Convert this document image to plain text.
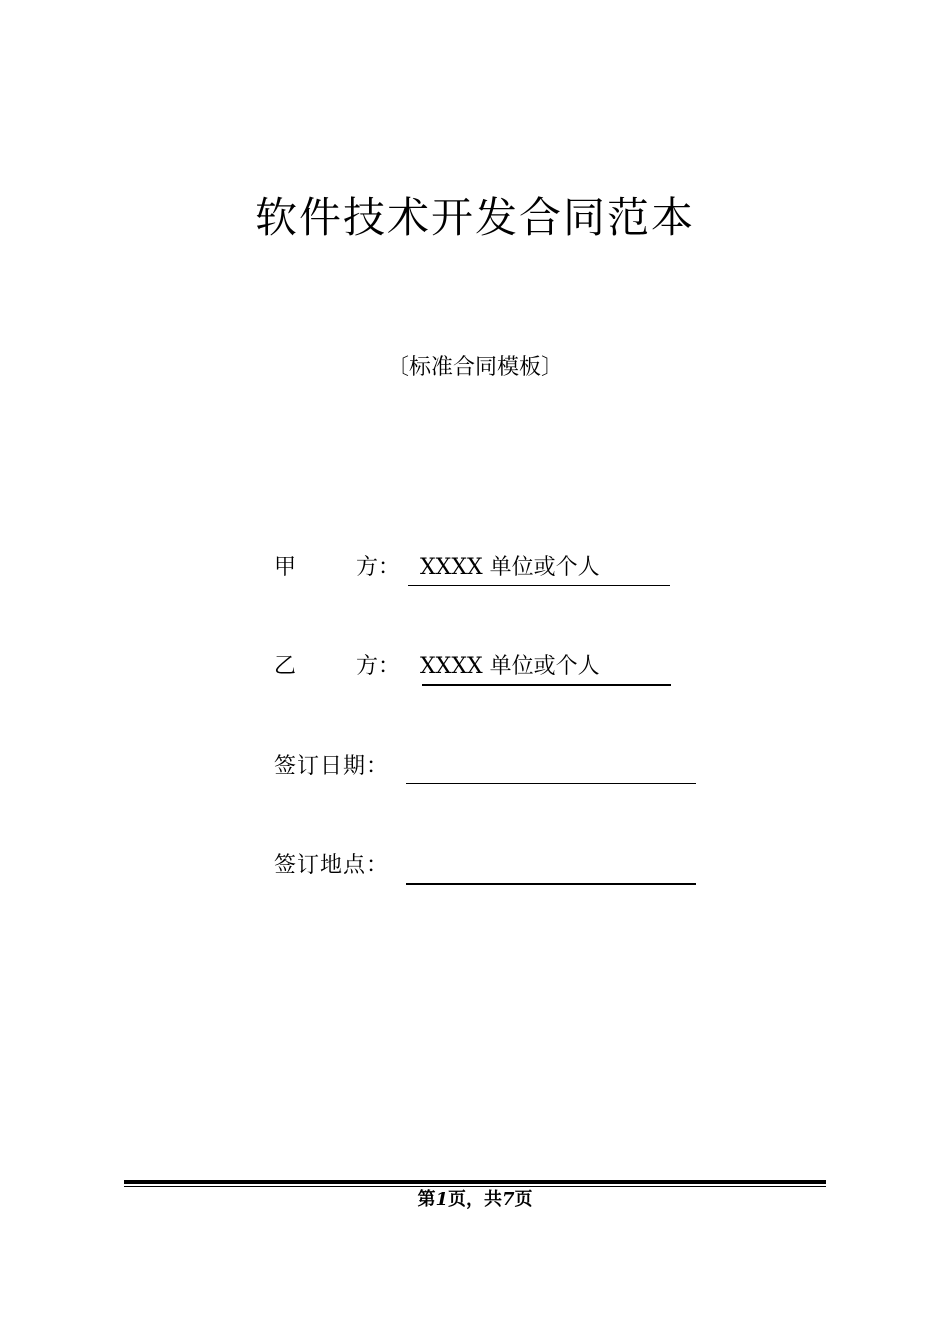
软件技术开发合同范本
〔标准合同模板〕
甲	方： XXXX 单位或个人
乙	方： XXXX 单位或个人
签订日期：
签订地点：
第1页，共7页
